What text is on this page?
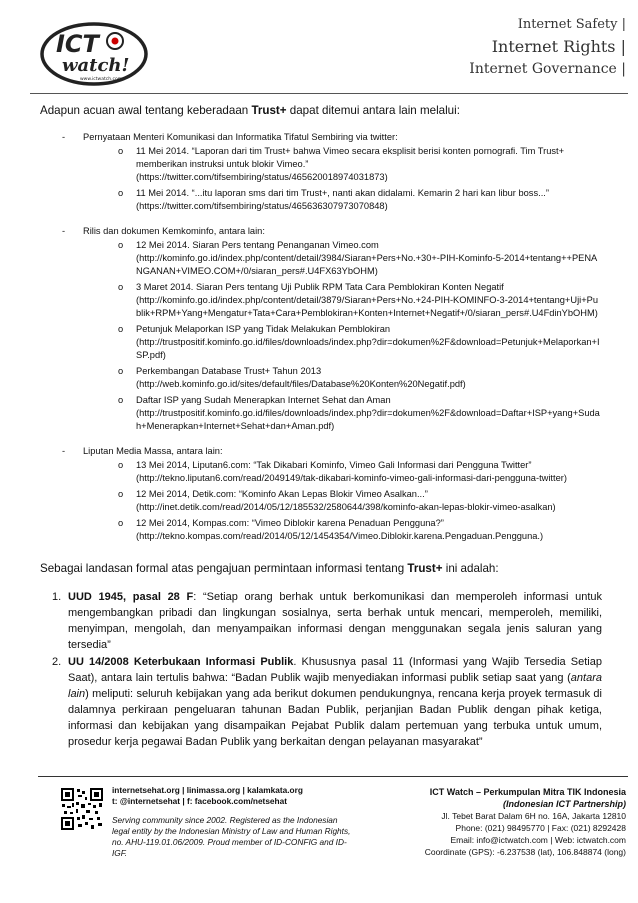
ICT
watch!
www.ictwatch.com
Internet Safety |
Internet Rights |
Internet Governance |

Adapun acuan awal tentang keberadaan Trust+ dapat ditemui antara lain melalui:

- Pernyataan Menteri Komunikasi dan Informatika Tifatul Sembiring via twitter:
o 11 Mei 2014. “Laporan dari tim Trust+ bahwa Vimeo secara eksplisit berisi konten pornografi. Tim Trust+ memberikan instruksi untuk blokir Vimeo.”
(https://twitter.com/tifsembiring/status/465620018974031873)
o 11 Mei 2014. “...itu laporan sms dari tim Trust+, nanti akan didalami. Kemarin 2 hari kan libur boss...”
(https://twitter.com/tifsembiring/status/465636307973070848)
- Rilis dan dokumen Kemkominfo, antara lain:
o 12 Mei 2014. Siaran Pers tentang Penanganan Vimeo.com
(http://kominfo.go.id/index.php/content/detail/3984/Siaran+Pers+No.+30+-PIH-Kominfo-5-2014+tentang++PENANGANAN+VIMEO.COM+/0/siaran_pers#.U4FX63YbOHM)
o 3 Maret 2014. Siaran Pers tentang Uji Publik RPM Tata Cara Pemblokiran Konten Negatif
(http://kominfo.go.id/index.php/content/detail/3879/Siaran+Pers+No.+24-PIH-KOMINFO-3-2014+tentang+Uji+Publik+RPM+Yang+Mengatur+Tata+Cara+Pemblokiran+Konten+Internet+Negatif+/0/siaran_pers#.U4FdinYbOHM)
o Petunjuk Melaporkan ISP yang Tidak Melakukan Pemblokiran
(http://trustpositif.kominfo.go.id/files/downloads/index.php?dir=dokumen%2F&download=Petunjuk+Melaporkan+ISP.pdf)
o Perkembangan Database Trust+ Tahun 2013
(http://web.kominfo.go.id/sites/default/files/Database%20Konten%20Negatif.pdf)
o Daftar ISP yang Sudah Menerapkan Internet Sehat dan Aman
(http://trustpositif.kominfo.go.id/files/downloads/index.php?dir=dokumen%2F&download=Daftar+ISP+yang+Sudah+Menerapkan+Internet+Sehat+dan+Aman.pdf)
- Liputan Media Massa, antara lain:
o 13 Mei 2014, Liputan6.com: “Tak Dikabari Kominfo, Vimeo Gali Informasi dari Pengguna Twitter”
(http://tekno.liputan6.com/read/2049149/tak-dikabari-kominfo-vimeo-gali-informasi-dari-pengguna-twitter)
o 12 Mei 2014, Detik.com: “Kominfo Akan Lepas Blokir Vimeo Asalkan...”
(http://inet.detik.com/read/2014/05/12/185532/2580644/398/kominfo-akan-lepas-blokir-vimeo-asalkan)
o 12 Mei 2014, Kompas.com: “Vimeo Diblokir karena Penaduan Pengguna?”
(http://tekno.kompas.com/read/2014/05/12/1454354/Vimeo.Diblokir.karena.Pengaduan.Pengguna.)

Sebagai landasan formal atas pengajuan permintaan informasi tentang Trust+ ini adalah:

1. UUD 1945, pasal 28 F: “Setiap orang berhak untuk berkomunikasi dan memperoleh informasi untuk mengembangkan pribadi dan lingkungan sosialnya, serta berhak untuk mencari, memperoleh, memiliki, menyimpan, mengolah, dan menyampaikan informasi dengan menggunakan segala jenis saluran yang tersedia”
2. UU 14/2008 Keterbukaan Informasi Publik. Khususnya pasal 11 (Informasi yang Wajib Tersedia Setiap Saat), antara lain tertulis bahwa: “Badan Publik wajib menyediakan informasi publik setiap saat yang (antara lain) meliputi: seluruh kebijakan yang ada berikut dokumen pendukungnya, rencana kerja proyek termasuk di dalamnya perkiraan pengeluaran tahunan Badan Publik, perjanjian Badan Publik dengan pihak ketiga, informasi dan kebijakan yang disampaikan Pejabat Publik dalam pertemuan yang terbuka untuk umum, prosedur kerja pegawai Badan Publik yang berkaitan dengan pelayanan masyarakat”
internetsehat.org | linimassa.org | kalamkata.org
t: @internetsehat | f: facebook.com/netsehat
Serving community since 2002. Registered as the Indonesian legal entity by the Indonesian Ministry of Law and Human Rights, no. AHU-119.01.06/2009. Proud member of ID-CONFIG and ID-IGF.
ICT Watch – Perkumpulan Mitra TIK Indonesia
(Indonesian ICT Partnership)
Jl. Tebet Barat Dalam 6H no. 16A, Jakarta 12810
Phone: (021) 98495770 | Fax: (021) 8292428
Email: info@ictwatch.com | Web: ictwatch.com
Coordinate (GPS): -6.237538 (lat), 106.848874 (long)
